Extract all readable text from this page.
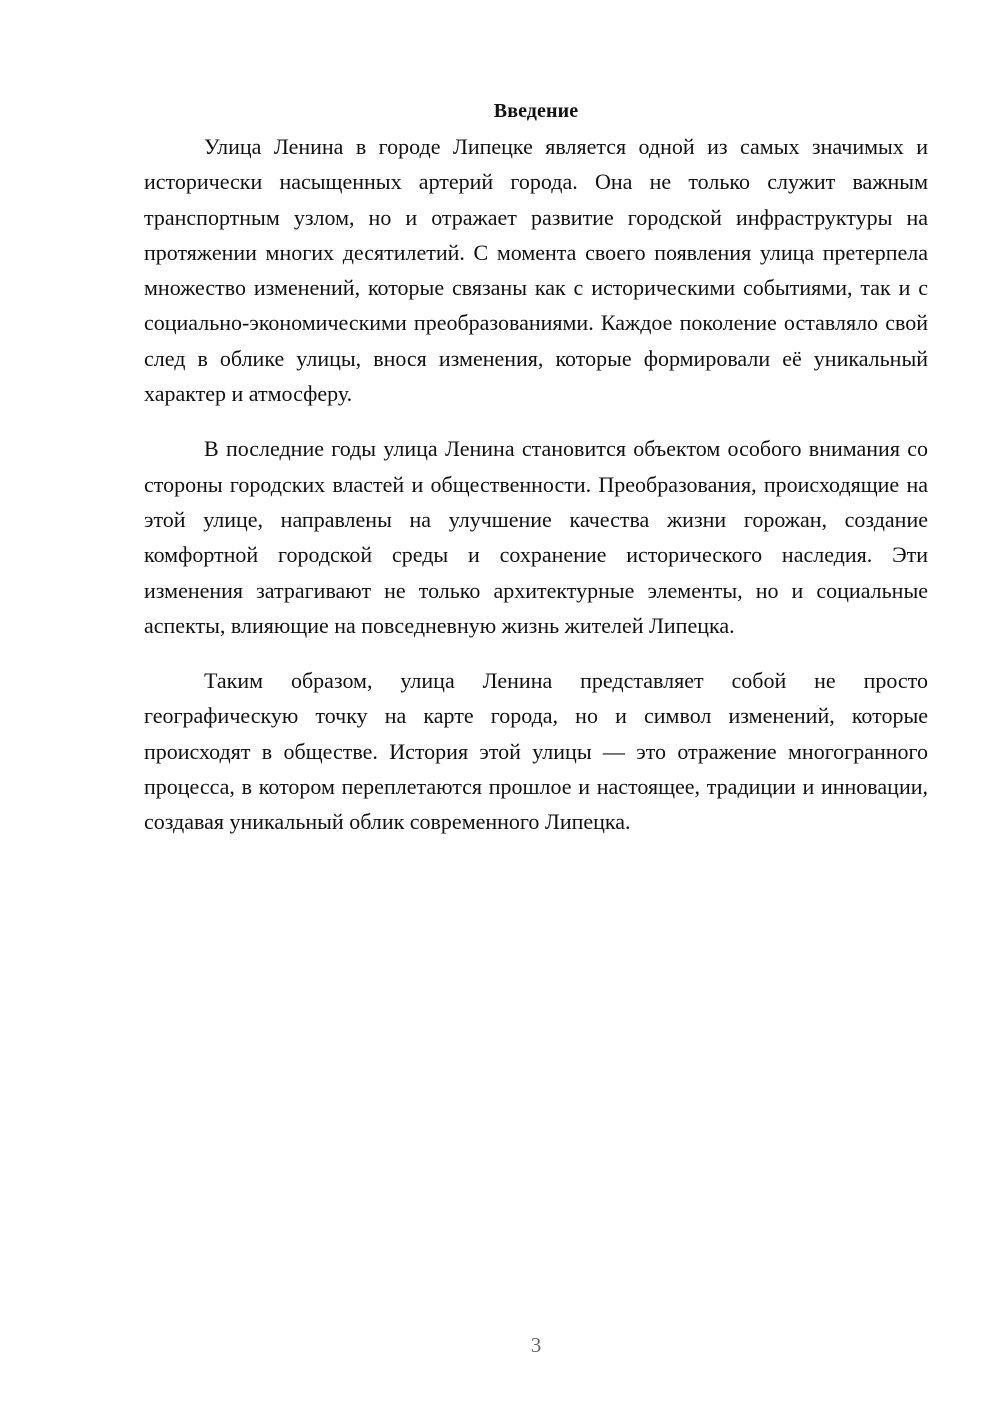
Введение

Улица Ленина в городе Липецке является одной из самых значимых и исторически насыщенных артерий города. Она не только служит важным транспортным узлом, но и отражает развитие городской инфраструктуры на протяжении многих десятилетий. С момента своего появления улица претерпела множество изменений, которые связаны как с историческими событиями, так и с социально-экономическими преобразованиями. Каждое поколение оставляло свой след в облике улицы, внося изменения, которые формировали её уникальный характер и атмосферу.

В последние годы улица Ленина становится объектом особого внимания со стороны городских властей и общественности. Преобразования, происходящие на этой улице, направлены на улучшение качества жизни горожан, создание комфортной городской среды и сохранение исторического наследия. Эти изменения затрагивают не только архитектурные элементы, но и социальные аспекты, влияющие на повседневную жизнь жителей Липецка.

Таким образом, улица Ленина представляет собой не просто географическую точку на карте города, но и символ изменений, которые происходят в обществе. История этой улицы — это отражение многогранного процесса, в котором переплетаются прошлое и настоящее, традиции и инновации, создавая уникальный облик современного Липецка.

3
